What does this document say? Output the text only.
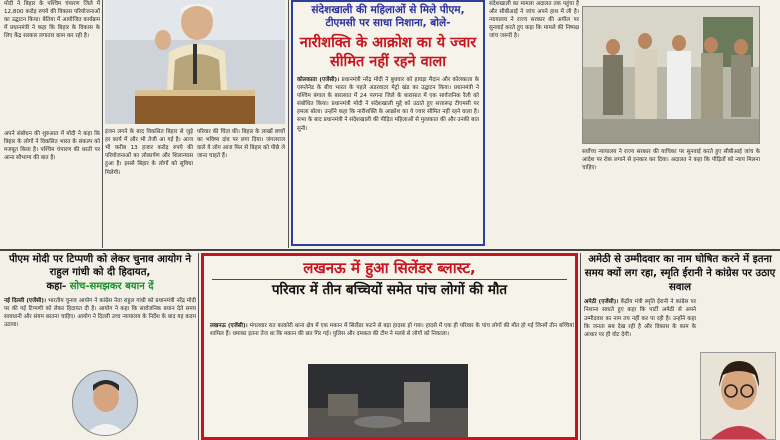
मोदी ने बिहार के पश्चिम चंपारण जिले में 12,800 करोड़ रुपये की विकास परियोजनाओं का उद्घाटन किया। बेतिया में आयोजित कार्यक्रम में प्रधानमंत्री ने कहा कि बिहार के विकास के लिए केंद्र सरकार लगातार काम कर रही है।
अपने संबोधन की शुरुआत में मोदी ने कहा कि बिहार के लोगों ने विकसित भारत के संकल्प को मजबूत किया है। पश्चिम चंपारण की धरती पर आना सौभाग्य की बात है।
इंजन लगने के बाद विकसित बिहार से जुड़े हर कार्य में और भी तेजी आ गई है। आज भी करीब 13 हजार करोड़ रुपये की परियोजनाओं का लोकार्पण और शिलान्यास हुआ है। इससे बिहार के लोगों को सुविधा मिलेगी।
परिवार की चिंता की। बिहार के लाखों बच्चों का भविष्य दांव पर लगा दिया। जंगलराज वाले ये लोग आज फिर से बिहार को पीछे ले जाना चाहते हैं।
संदेशखाली की महिलाओं से मिले पीएम, टीएमसी पर साधा निशाना, बोले-
नारीशक्ति के आक्रोश का ये ज्वार सीमित नहीं रहने वाला
कोलकाता (एजेंसी)। प्रधानमंत्री नरेंद्र मोदी ने बुधवार को हावड़ा मैदान और कोलकाता के एस्प्लेनेड के बीच भारत के पहले अंडरवाटर मेट्रो खंड का उद्घाटन किया। प्रधानमंत्री ने पश्चिम बंगाल के बारासात में 24 परगना जिले के बारासात में एक सार्वजनिक रैली को संबोधित किया। प्रधानमंत्री मोदी ने संदेशखाली मुद्दे को उठाते हुए सत्तारूढ़ टीएमसी पर हमला बोला। उन्होंने कहा कि नारीशक्ति के आक्रोश का ये ज्वार सीमित नहीं रहने वाला है। सभा के बाद प्रधानमंत्री ने संदेशखाली की पीड़ित महिलाओं से मुलाकात की और उनकी बात सुनी।
संदेशखाली का मामला अदालत तक पहुंचा है और सीबीआई ने जांच अपने हाथ में ली है। न्यायालय ने राज्य सरकार की अपील पर सुनवाई करते हुए कहा कि मामले की निष्पक्ष जांच जरूरी है।
सर्वोच्च न्यायालय ने राज्य सरकार की याचिका पर सुनवाई करते हुए सीबीआई जांच के आदेश पर रोक लगाने से इनकार कर दिया। अदालत ने कहा कि पीड़ितों को न्याय मिलना चाहिए।
पीएम मोदी पर टिप्पणी को लेकर चुनाव आयोग ने राहुल गांधी को दी हिदायत,
कहा- सोच-समझकर बयान दें
नई दिल्ली (एजेंसी)। भारतीय चुनाव आयोग ने कांग्रेस नेता राहुल गांधी को प्रधानमंत्री नरेंद्र मोदी पर की गई टिप्पणी को लेकर हिदायत दी है। आयोग ने कहा कि सार्वजनिक बयान देते समय सावधानी और संयम बरतना चाहिए। आयोग ने दिल्ली उच्च न्यायालय के निर्देश के बाद यह कदम उठाया।
लखनऊ में हुआ सिलेंडर ब्लास्ट,
परिवार में तीन बच्चियों समेत पांच लोगों की मौत
लखनऊ (एजेंसी)। मंगलवार रात काकोरी थाना क्षेत्र में एक मकान में सिलेंडर फटने से बड़ा हादसा हो गया। हादसे में एक ही परिवार के पांच लोगों की मौत हो गई जिनमें तीन बच्चियां शामिल हैं। धमाका इतना तेज था कि मकान की छत गिर गई। पुलिस और दमकल की टीम ने मलबे से लोगों को निकाला।
अमेठी से उम्मीदवार का नाम घोषित करने में इतना समय क्यों लग रहा, स्मृति ईरानी ने कांग्रेस पर उठाए सवाल
अमेठी (एजेंसी)। केंद्रीय मंत्री स्मृति ईरानी ने कांग्रेस पर निशाना साधते हुए कहा कि पार्टी अमेठी से अपने उम्मीदवार का नाम तय नहीं कर पा रही है। उन्होंने कहा कि जनता सब देख रही है और विकास के काम के आधार पर ही वोट देगी।
